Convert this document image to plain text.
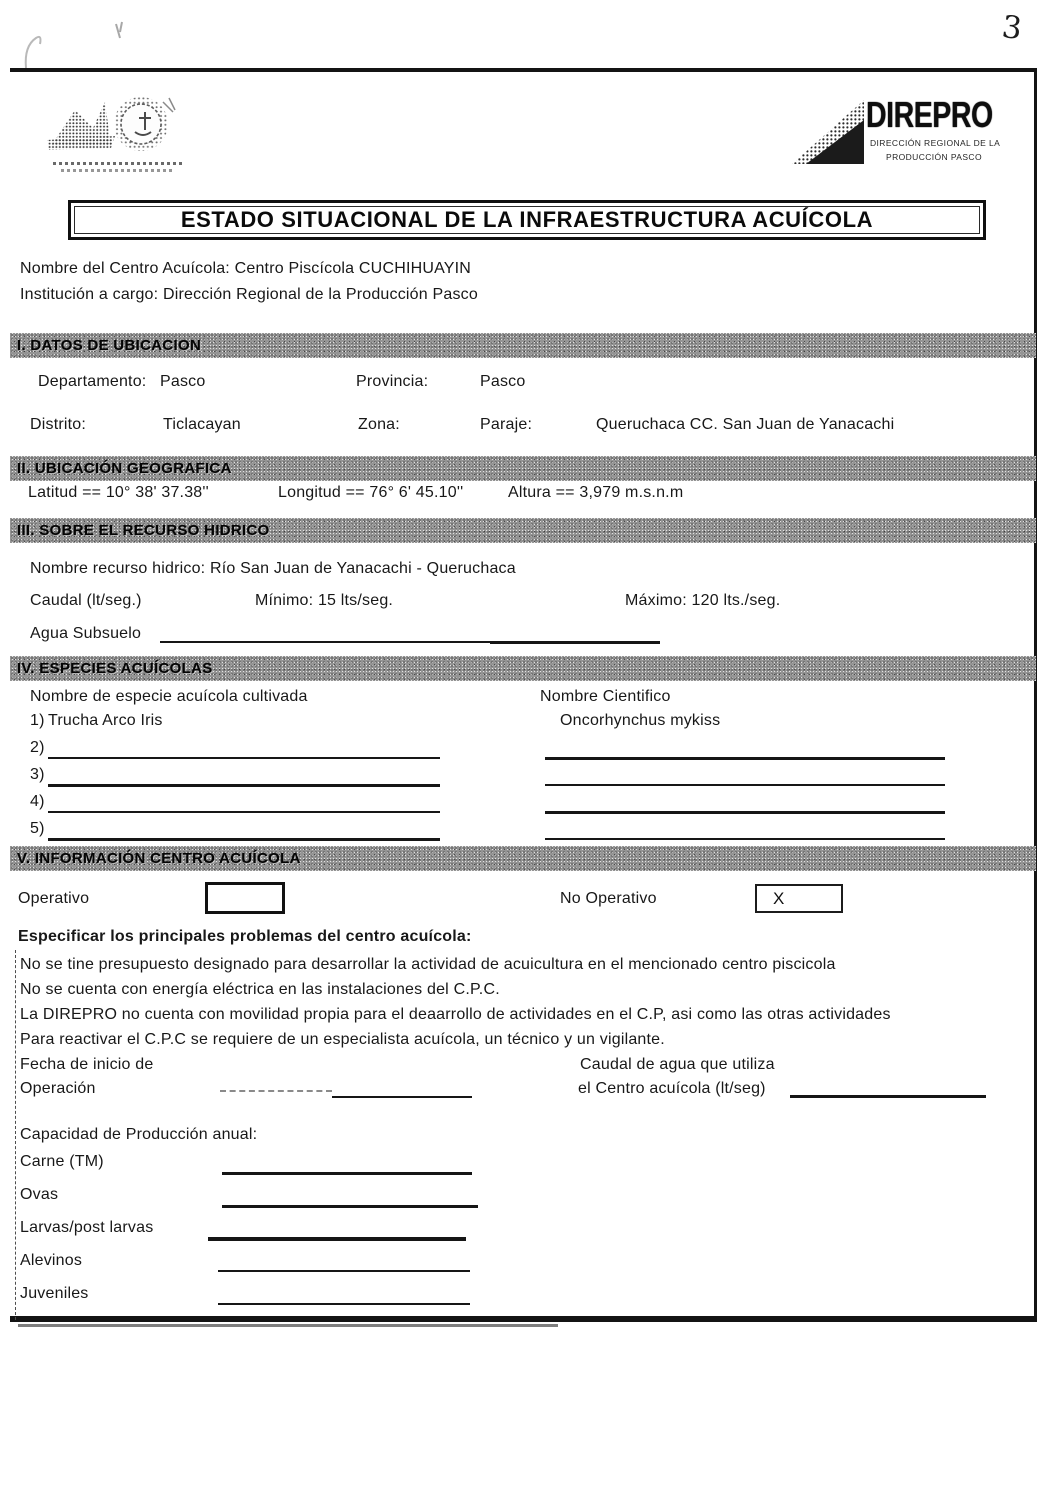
3
DIREPRO
DIRECCIÓN REGIONAL DE LA
PRODUCCIÓN PASCO
ESTADO SITUACIONAL DE LA INFRAESTRUCTURA ACUÍCOLA
Nombre del Centro Acuícola: Centro Piscícola CUCHIHUAYIN
Institución a cargo: Dirección Regional de la Producción Pasco
I. DATOS DE UBICACION
Departamento: Pasco	Provincia:	Pasco
Distrito:	Ticlacayan	Zona:	Paraje:	Queruchaca CC. San Juan de Yanacachi
II. UBICACIÓN GEOGRAFICA
Latitud == 10° 38' 37.38''	Longitud == 76° 6' 45.10''	Altura == 3,979 m.s.n.m
III. SOBRE EL RECURSO HIDRICO
Nombre recurso hidrico: Río San Juan de Yanacachi - Queruchaca
Caudal (lt/seg.)	Mínimo: 15 lts/seg.	Máximo: 120 lts./seg.
Agua Subsuelo
IV. ESPECIES ACUÍCOLAS
Nombre de especie acuícola cultivada	Nombre Cientifico
1) Trucha Arco Iris	Oncorhynchus mykiss
2)
3)
4)
5)
V. INFORMACIÓN CENTRO ACUÍCOLA
Operativo	No Operativo	X
Especificar los principales problemas del centro acuícola:
No se tine presupuesto designado para desarrollar la actividad de acuicultura en el mencionado centro piscicola
No se cuenta con energía eléctrica en las instalaciones del C.P.C.
La DIREPRO no cuenta con movilidad propia para el deaarrollo de actividades en el C.P, asi como las otras actividades
Para reactivar el C.P.C se requiere de un especialista acuícola, un técnico y un vigilante.
Fecha de inicio de	Caudal de agua que utiliza
Operación	el Centro acuícola (lt/seg)
Capacidad de Producción anual:
Carne (TM)
Ovas
Larvas/post larvas
Alevinos
Juveniles
